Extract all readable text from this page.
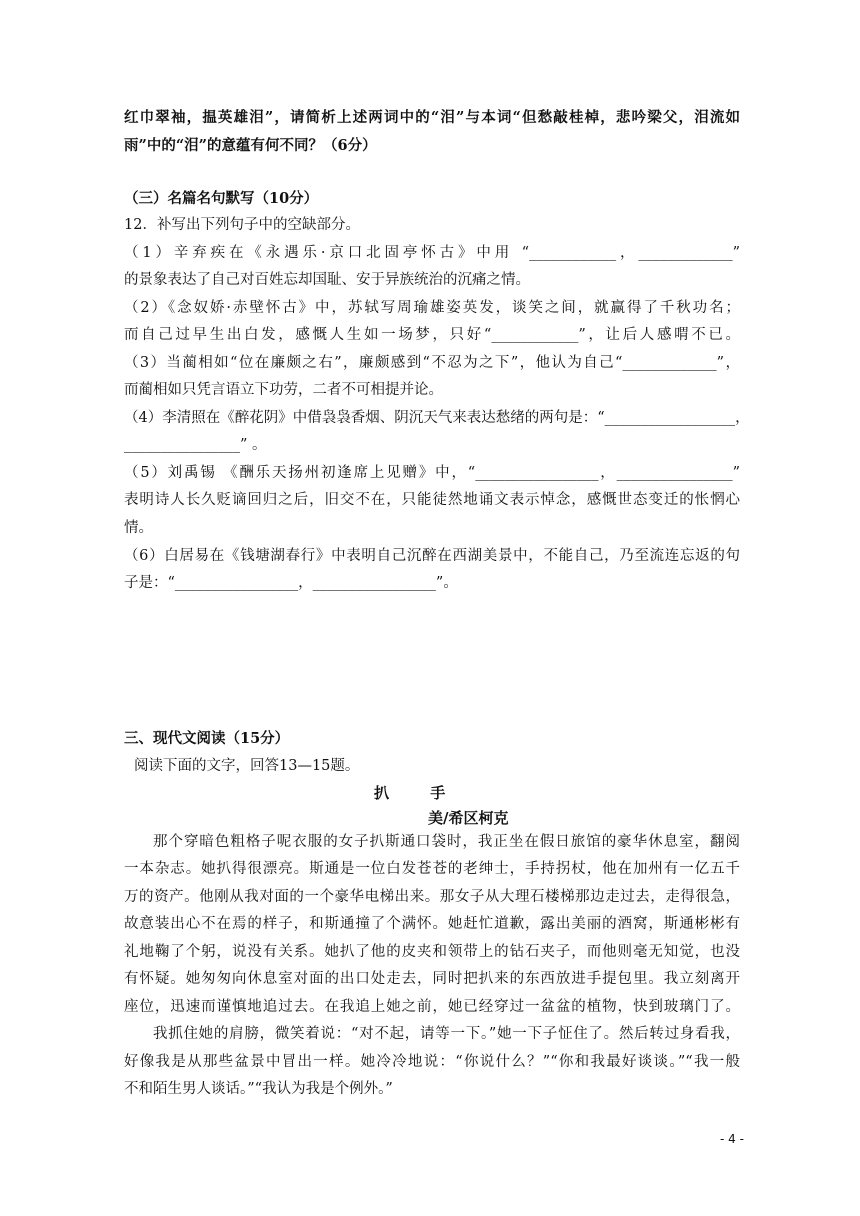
红巾翠袖，揾英雄泪”，请简析上述两词中的“泪”与本词“但愁敲桂棹，悲吟梁父，泪流如
雨”中的“泪”的意蕴有何不同？（6分）
（三）名篇名句默写（10分）
12．补写出下列句子中的空缺部分。
（1）辛弃疾在《永遇乐·京口北固亭怀古》中用 “____________，_____________”
的景象表达了自己对百姓忘却国耻、安于异族统治的沉痛之情。
（2）《念奴娇·赤壁怀古》中，苏轼写周瑜雄姿英发，谈笑之间，就赢得了千秋功名；
而自己过早生出白发，感慨人生如一场梦，只好“____________”，让后人感喟不已。
（3）当蔺相如“位在廉颇之右”，廉颇感到“不忍为之下”，他认为自己“_____________”，
而蔺相如只凭言语立下功劳，二者不可相提并论。
（4）李清照在《醉花阴》中借袅袅香烟、阴沉天气来表达愁绪的两句是：“__________________，
________________” 。
（5）刘禹锡 《酬乐天扬州初逢席上见赠》中，“_________________，________________”
表明诗人长久贬谪回归之后，旧交不在，只能徒然地诵文表示悼念，感慨世态变迁的怅惘心
情。
（6）白居易在《钱塘湖春行》中表明自己沉醉在西湖美景中，不能自己，乃至流连忘返的句
子是：“_________________，_________________”。
三、现代文阅读（15分）
阅读下面的文字，回答13—15题。
扒 手
美/希区柯克
那个穿暗色粗格子呢衣服的女子扒斯通口袋时，我正坐在假日旅馆的豪华休息室，翻阅
一本杂志。她扒得很漂亮。斯通是一位白发苍苍的老绅士，手持拐杖，他在加州有一亿五千
万的资产。他刚从我对面的一个豪华电梯出来。那女子从大理石楼梯那边走过去，走得很急，
故意装出心不在焉的样子，和斯通撞了个满怀。她赶忙道歉，露出美丽的酒窝，斯通彬彬有
礼地鞠了个躬，说没有关系。她扒了他的皮夹和领带上的钻石夹子，而他则毫无知觉，也没
有怀疑。她匆匆向休息室对面的出口处走去，同时把扒来的东西放进手提包里。我立刻离开
座位，迅速而谨慎地追过去。在我追上她之前，她已经穿过一盆盆的植物，快到玻璃门了。
我抓住她的肩膀，微笑着说：“对不起，请等一下。”她一下子怔住了。然后转过身看我，
好像我是从那些盆景中冒出一样。她冷冷地说：“你说什么？”“你和我最好谈谈。”“我一般
不和陌生男人谈话。”“我认为我是个例外。”
- 4 -
